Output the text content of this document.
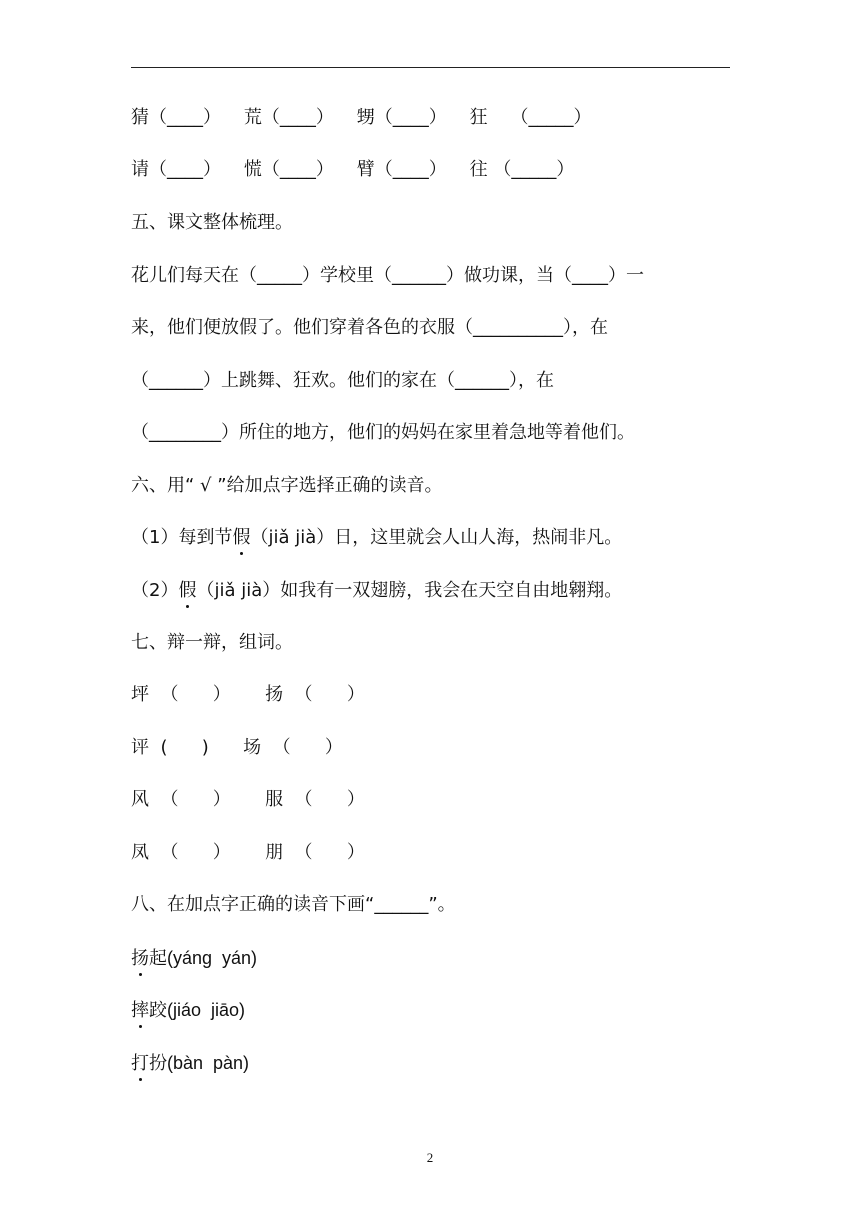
猜（____）    荒（____）    甥（____）    狂    （_____）
请（____）    慌（____）    臂（____）    往 （_____）
五、课文整体梳理。
花儿们每天在（_____）学校里（______）做功课，当（____）一
来，他们便放假了。他们穿着各色的衣服（__________），在
（______）上跳舞、狂欢。他们的家在（______），在
（________）所住的地方，他们的妈妈在家里着急地等着他们。
六、用“ √ ”给加点字选择正确的读音。
（1）每到节假（jiǎ jià）日，这里就会人山人海，热闹非凡。
（2）假（jiǎ jià）如我有一双翅膀，我会在天空自由地翱翔。
七、辩一辩，组词。
坪  （      ）      扬  （      ）
评  (      )      场  （      ）
风  （      ）      服  （      ）
凤  （      ）      朋  （      ）
八、在加点字正确的读音下画“______”。
扬起(yáng  yán)
摔跤(jiáo  jiāo)
打扮(bàn  pàn)
2
